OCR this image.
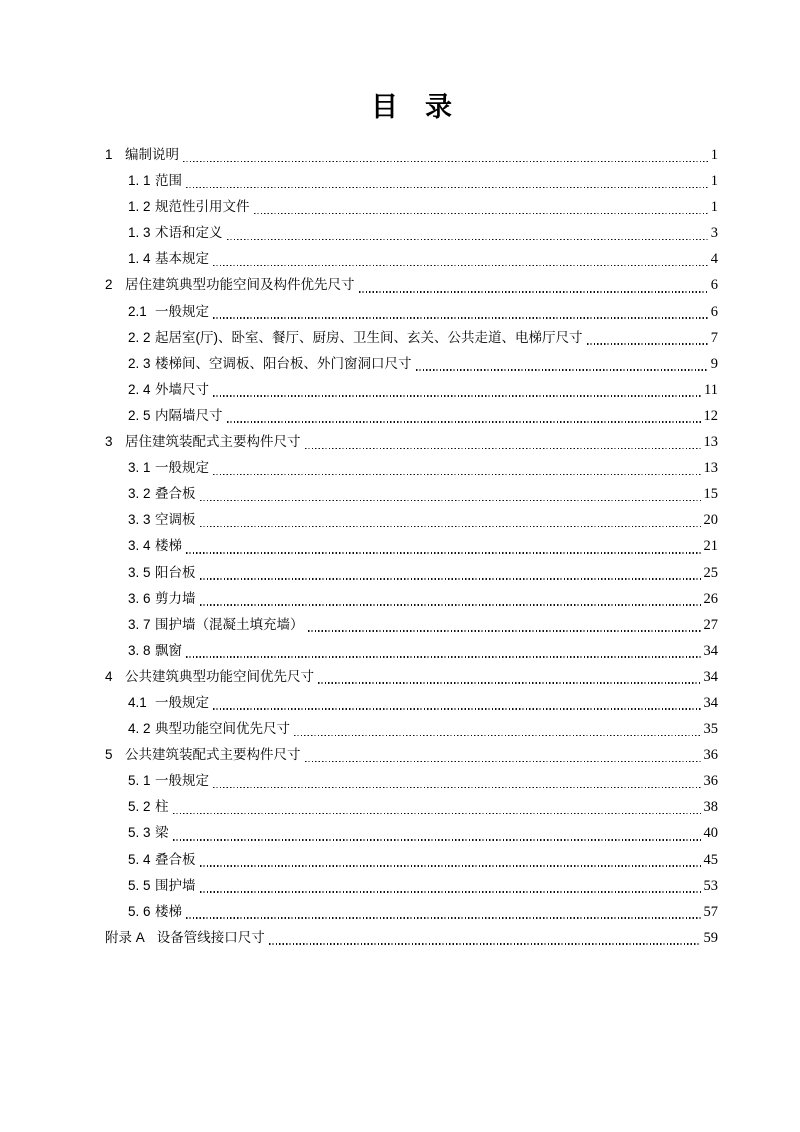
目　录
1 编制说明	1
1. 1 范围	1
1. 2 规范性引用文件	1
1. 3 术语和定义	3
1. 4 基本规定	4
2 居住建筑典型功能空间及构件优先尺寸	6
2.1 一般规定	6
2. 2 起居室(厅)、卧室、餐厅、厨房、卫生间、玄关、公共走道、电梯厅尺寸	7
2. 3 楼梯间、空调板、阳台板、外门窗洞口尺寸	9
2. 4 外墙尺寸	11
2. 5 内隔墙尺寸	12
3 居住建筑装配式主要构件尺寸	13
3. 1 一般规定	13
3. 2 叠合板	15
3. 3 空调板	20
3. 4 楼梯	21
3. 5 阳台板	25
3. 6 剪力墙	26
3. 7 围护墙（混凝土填充墙）	27
3. 8 飘窗	34
4 公共建筑典型功能空间优先尺寸	34
4.1 一般规定	34
4. 2 典型功能空间优先尺寸	35
5 公共建筑装配式主要构件尺寸	36
5. 1 一般规定	36
5. 2 柱	38
5. 3 梁	40
5. 4 叠合板	45
5. 5 围护墙	53
5. 6 楼梯	57
附录 A 设备管线接口尺寸	59
